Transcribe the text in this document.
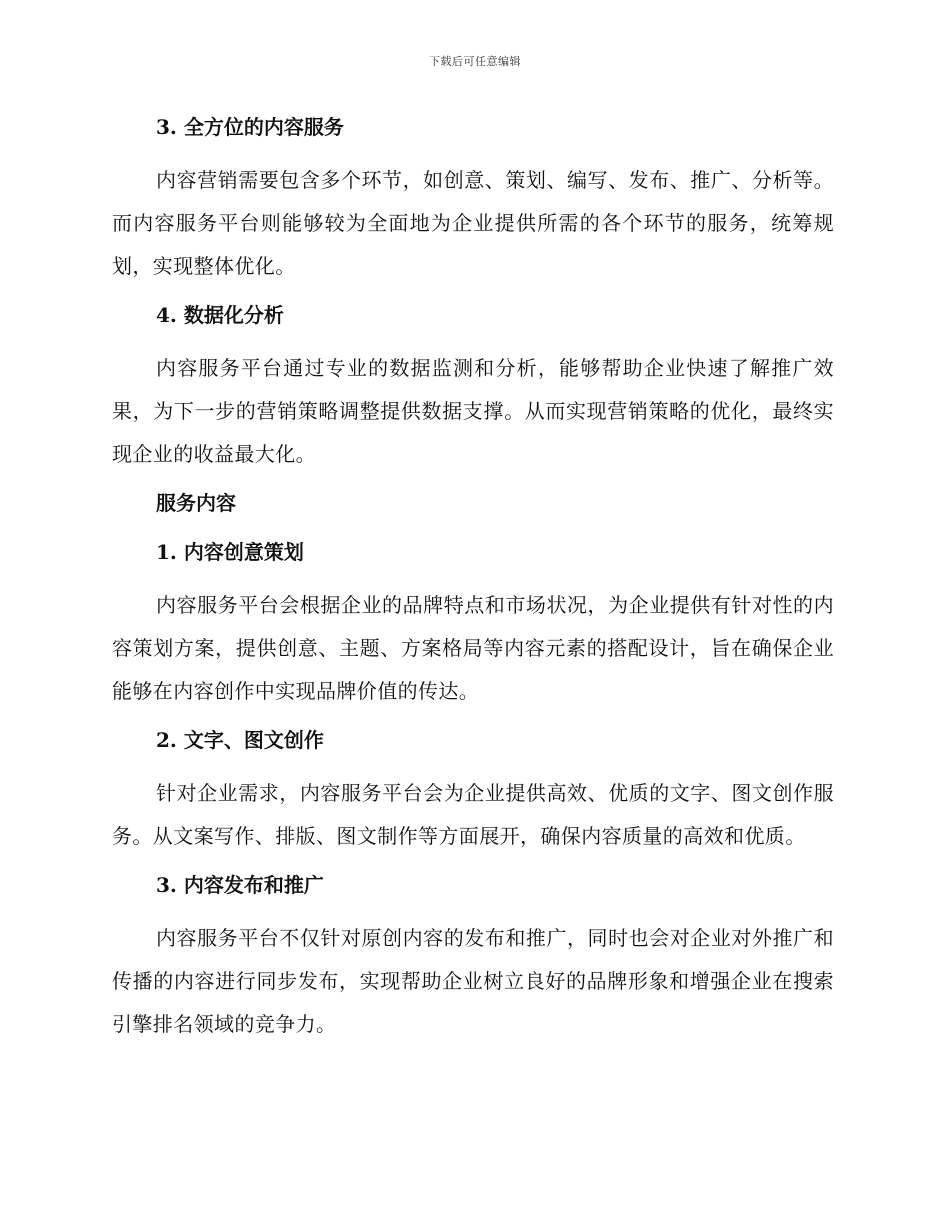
下载后可任意编辑
3. 全方位的内容服务

内容营销需要包含多个环节，如创意、策划、编写、发布、推广、分析等。而内容服务平台则能够较为全面地为企业提供所需的各个环节的服务，统筹规划，实现整体优化。

4. 数据化分析

内容服务平台通过专业的数据监测和分析，能够帮助企业快速了解推广效果，为下一步的营销策略调整提供数据支撑。从而实现营销策略的优化，最终实现企业的收益最大化。

服务内容
1. 内容创意策划

内容服务平台会根据企业的品牌特点和市场状况，为企业提供有针对性的内容策划方案，提供创意、主题、方案格局等内容元素的搭配设计，旨在确保企业能够在内容创作中实现品牌价值的传达。

2. 文字、图文创作

针对企业需求，内容服务平台会为企业提供高效、优质的文字、图文创作服务。从文案写作、排版、图文制作等方面展开，确保内容质量的高效和优质。

3. 内容发布和推广

内容服务平台不仅针对原创内容的发布和推广，同时也会对企业对外推广和传播的内容进行同步发布，实现帮助企业树立良好的品牌形象和增强企业在搜索引擎排名领域的竞争力。
